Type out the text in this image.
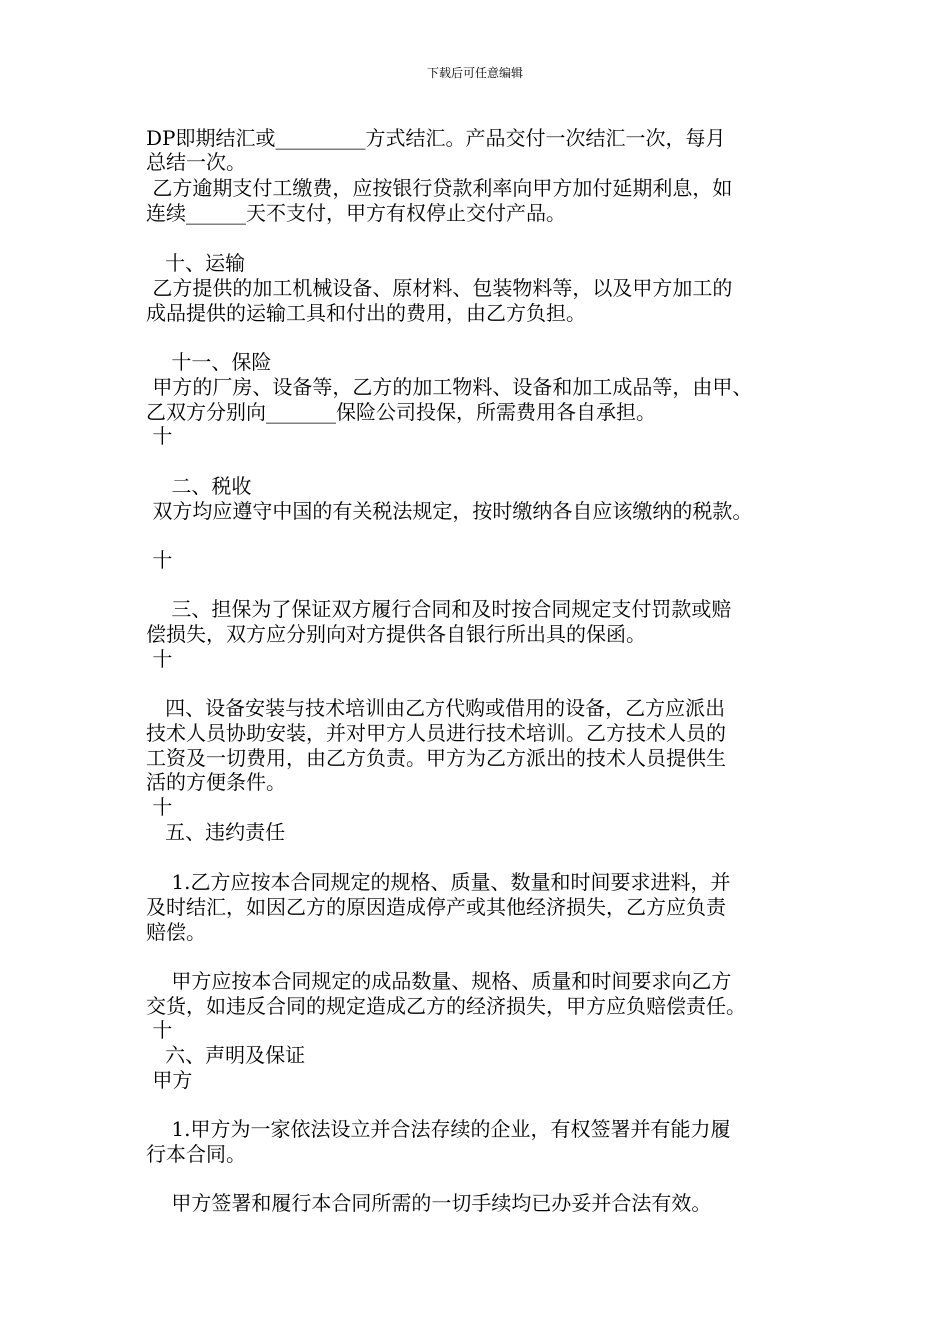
下载后可任意编辑
DP即期结汇或_________方式结汇。产品交付一次结汇一次，每月
总结一次。
乙方逾期支付工缴费，应按银行贷款利率向甲方加付延期利息，如
连续______天不支付，甲方有权停止交付产品。
十、运输
乙方提供的加工机械设备、原材料、包装物料等，以及甲方加工的
成品提供的运输工具和付出的费用，由乙方负担。
十一、保险
甲方的厂房、设备等，乙方的加工物料、设备和加工成品等，由甲、
乙双方分别向_______保险公司投保，所需费用各自承担。
十
二、税收
双方均应遵守中国的有关税法规定，按时缴纳各自应该缴纳的税款。
十
三、担保为了保证双方履行合同和及时按合同规定支付罚款或赔
偿损失，双方应分别向对方提供各自银行所出具的保函。
十
四、设备安装与技术培训由乙方代购或借用的设备，乙方应派出
技术人员协助安装，并对甲方人员进行技术培训。乙方技术人员的
工资及一切费用，由乙方负责。甲方为乙方派出的技术人员提供生
活的方便条件。
十
五、违约责任
1.乙方应按本合同规定的规格、质量、数量和时间要求进料，并
及时结汇，如因乙方的原因造成停产或其他经济损失，乙方应负责
赔偿。
甲方应按本合同规定的成品数量、规格、质量和时间要求向乙方
交货，如违反合同的规定造成乙方的经济损失，甲方应负赔偿责任。
十
六、声明及保证
甲方
1.甲方为一家依法设立并合法存续的企业，有权签署并有能力履
行本合同。
甲方签署和履行本合同所需的一切手续均已办妥并合法有效。
